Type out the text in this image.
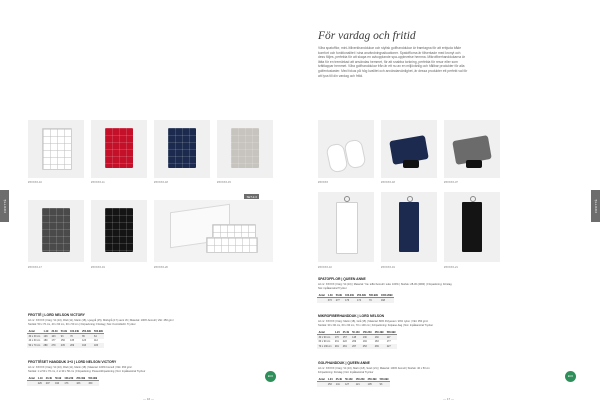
FROTTÉ	FROTTÉ
För vardag och fritid
Våra spatofflor, mini-/tillverkhanddukar och stylisk golfhanddukar är framtagna för att erbjuda både komfort och funktionalitet i sina användningssituationer. Spatofflorna är tillverkade med kronyt och dess följes, perfekta för att skapa en avkopplande spa-upplevelse hemma. Mikrofiberhanddukarna är lätta för en tremärkad att användas hemmet, för att snabba torkning, perfekta för resor eller som tvättlappar hemmet. Våra golfhanddukar från är ett nu av en miljövänlig och hållbar produkter för alla golfentusiaster. Med fokus på hög kvalitet och användarvänlighet, är dessa produkter ett perfekt val för att lyxa till din vardag och fritid.
#XXXXX-10	#XXXXX-11	#XXXXX-18	#XXXXX-15
SET-2-3
#XXXXX-17	#XXXXX-19	#XXXXX-20
#XXXXX	#XXXXX-18	#XXXXX-37
#XXXXX-10	#XXXXX-19	#XXXXX-21
FROTTÉ | LORD NELSON VICTORY
Art.nr: XXXXX | Färg: Vit (10), Röd (11), Marin (18), Ljusgrå (15), Mörkgrå (17) samt Vit | Material: 100% bomull | Vikt: 450 g/m²
Storlek: 50 x 70 cm, 40 x 60 cm, 30 x 50 cm | Förpackning: Förslag | Not: Kontrollerbl. Tryckur
Antal	1-19	20-49	50-99	100-249	250-499	500-999
30 x 30 cm	103	103	93	70	65	64
40 x 60 cm	180	177	156	135	123	112
50 x 70 cm	289	279	245	209	193	183
FROTTÉSET HANDDUK 3+3 | LORD NELSON VICTORY
Art.nr: XXXXX | Färg: Vit (10), Röd (11), Marin (18) | Material: 100% bomull | Vikt: 450 g/m²
Storlek: 1 st 50 x 70 cm, 2 st 30 x 50 cm | Förpackning: Presentförpackning | Not: Inpåkanstral Tryckur
Antal	1-19	20-49	50-99	100-249	250-499	500-999
	229	207	190	173	163	150
SPATOFFLOR | QUEEN ANNE
Art.nr: XXXXX | Färg: Vit (10) | Material: Yta: toffel bomull / sula: 100% | Storlek: 28-30 (4000) | Förpackning: Förslag
Not: inpåkanstral Tryckur
Antal	1-49	50-99	100-249	250-499	500-999	1000-2999
	373	277	176	174	70	168
MIKROFIBERHANDDUK | LORD NELSON
Art.nr: XXXXX | Färg: Marin (18), Grå (15) | Material: 80% Polyester / 20% nylon | Vikt: 350 g/m²
Storlek: 30 x 90 cm, 60 x 90 cm, 70 x 130 cm | Förpackning: Folpase-bag | Not: Inpåkanstral Tryckur
Antal	1-24	25-49	50-149	150-249	250-499	500-999
30 x 90 cm	170	157	148	130	130	117
60 x 90 cm	231	222	209	194	183	177
70 x 130 cm	291	281	267	253	239	227
GOLFHANDDUK | QUEEN ANNE
Art.nr: XXXXX | Färg: Vit (10), Marin (18), Svart (21) | Material: 100% bomull | Storlek: 40 x 50 cm
Förpackning: Förslag | Not: Inpåkanstral Tryckur
Antal	1-24	25-49	50-149	150-249	250-499	500-999
	153	141	127	121	105	93
ECO	ECO
— 16 —	— 17 —
